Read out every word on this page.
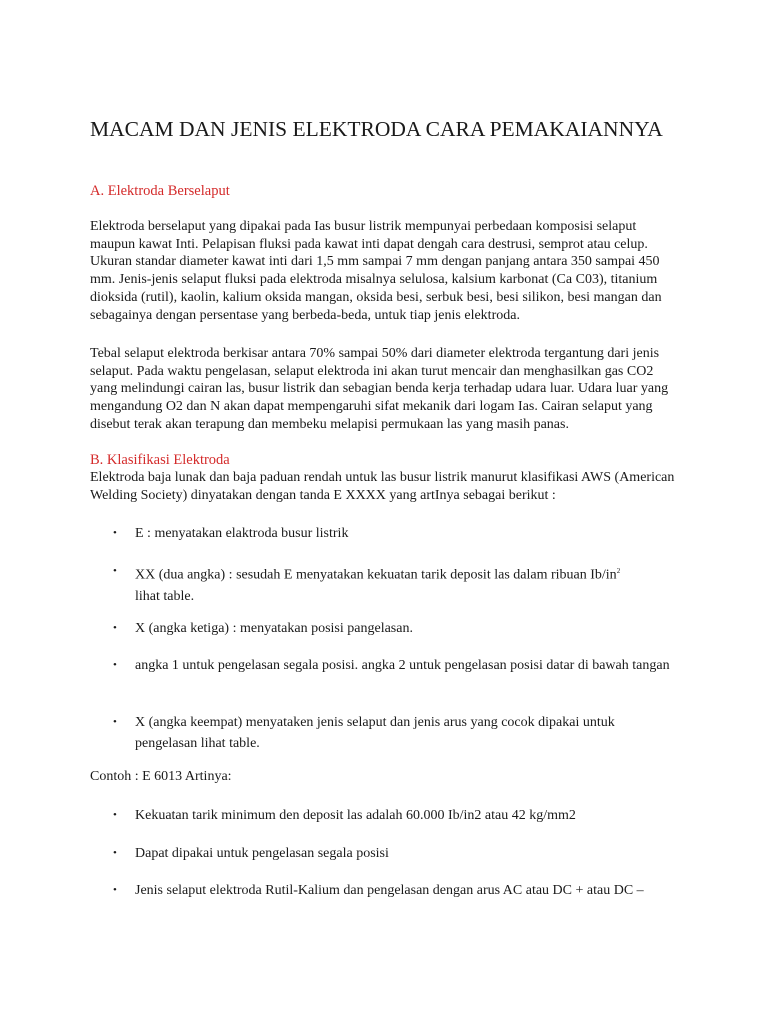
MACAM DAN JENIS ELEKTRODA CARA PEMAKAIANNYA
A. Elektroda Berselaput

Elektroda berselaput yang dipakai pada Ias busur listrik mempunyai perbedaan komposisi selaput maupun kawat Inti. Pelapisan fluksi pada kawat inti dapat dengah cara destrusi, semprot atau celup. Ukuran standar diameter kawat inti dari 1,5 mm sampai 7 mm dengan panjang antara 350 sampai 450 mm. Jenis-jenis selaput fluksi pada elektroda misalnya selulosa, kalsium karbonat (Ca C03), titanium dioksida (rutil), kaolin, kalium oksida mangan, oksida besi, serbuk besi, besi silikon, besi mangan dan sebagainya dengan persentase yang berbeda-beda, untuk tiap jenis elektroda.

Tebal selaput elektroda berkisar antara 70% sampai 50% dari diameter elektroda tergantung dari jenis selaput. Pada waktu pengelasan, selaput elektroda ini akan turut mencair dan menghasilkan gas CO2 yang melindungi cairan las, busur listrik dan sebagian benda kerja terhadap udara luar. Udara luar yang mengandung O2 dan N akan dapat mempengaruhi sifat mekanik dari logam Ias. Cairan selaput yang disebut terak akan terapung dan membeku melapisi permukaan las yang masih panas.

B. Klasifikasi Elektroda

Elektroda baja lunak dan baja paduan rendah untuk las busur listrik manurut klasifikasi AWS (American Welding Society) dinyatakan dengan tanda E XXXX yang artInya sebagai berikut :

• E : menyatakan elaktroda busur listrik
• XX (dua angka) : sesudah E menyatakan kekuatan tarik deposit las dalam ribuan $Ib/in^2$
lihat table.
• X (angka ketiga) : menyatakan posisi pangelasan.
• angka 1 untuk pengelasan segala posisi. angka 2 untuk pengelasan posisi datar di bawah tangan
• X (angka keempat) menyataken jenis selaput dan jenis arus yang cocok dipakai untuk pengelasan lihat table.

Contoh : E 6013 Artinya:

• Kekuatan tarik minimum den deposit las adalah 60.000 Ib/in2 atau 42 kg/mm2
• Dapat dipakai untuk pengelasan segala posisi
• Jenis selaput elektroda Rutil-Kalium dan pengelasan dengan arus AC atau DC + atau DC –
